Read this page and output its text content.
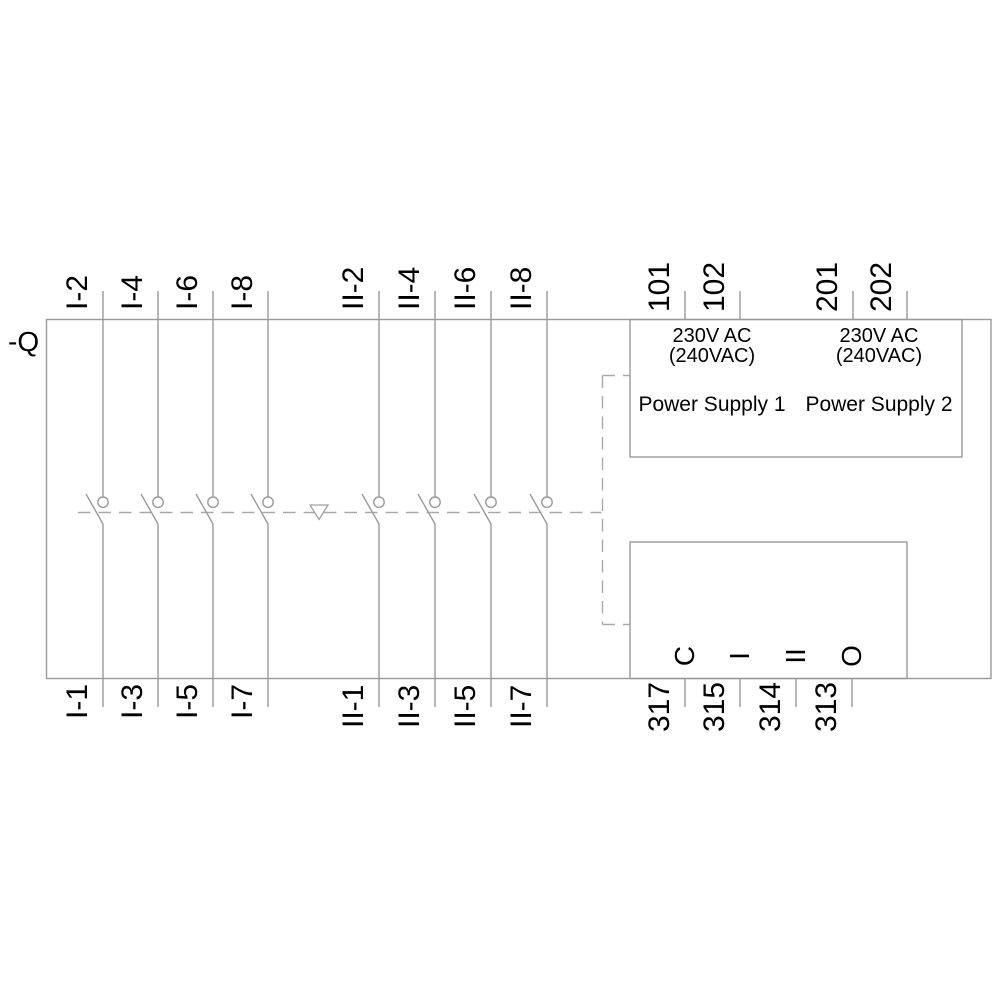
-Q
I-2 I-4 I-6 I-8	II-2 II-4 II-6 II-8
I-1 I-3 I-5 I-7	II-1 II-3 II-5 II-7
101 102	201 202
230V AC
(240VAC)
Power Supply 1
230V AC
(240VAC)
Power Supply 2
C I II O
317 315 314 313
